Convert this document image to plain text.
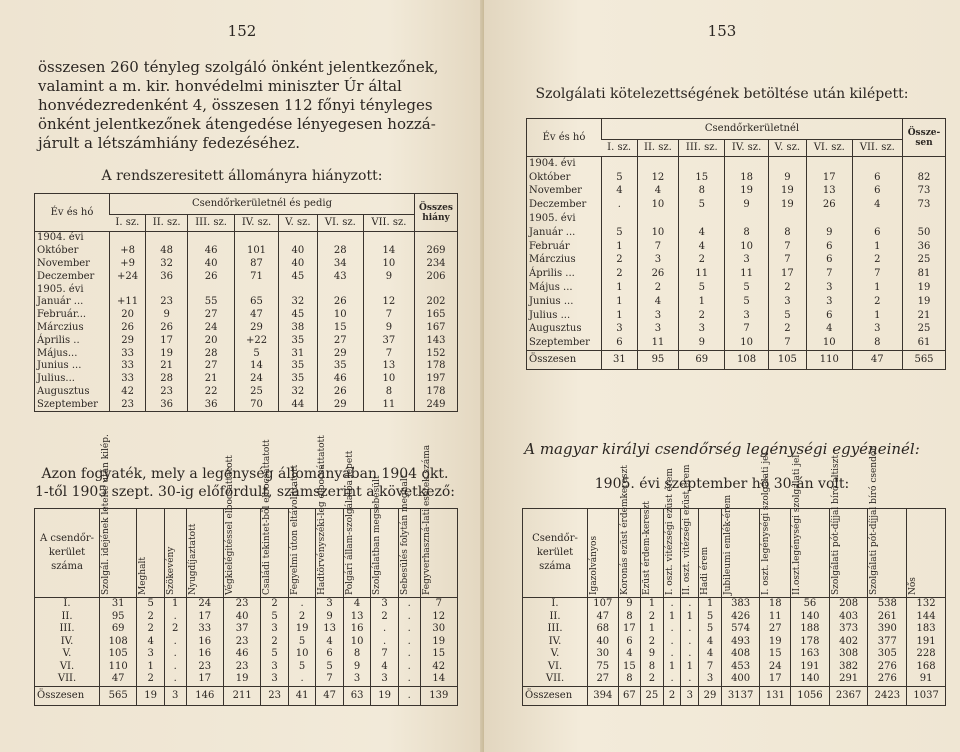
152
összesen 260 tényleg szolgáló önként jelentkezőnek,
valamint a m. kir. honvédelmi miniszter Úr által
honvédezredenként 4, összesen 112 főnyi tényleges
önként jelentkezőnek átengedése lényegesen hozzá-
járult a létszámhiány fedezéséhez.
A rendszeresitett állományra hiányzott:
Év és hó	Csendőrkerületnél és pedig							Összes hiány
	I. sz.	II. sz.	III. sz.	IV. sz.	V. sz.	VI. sz.	VII. sz.	
1904. évi								
Október	+8	48	46	101	40	28	14	269
November	+9	32	40	87	40	34	10	234
Deczember	+24	36	26	71	45	43	9	206
1905. évi								
Január ...	+11	23	55	65	32	26	12	202
Február...	20	9	27	47	45	10	7	165
Márczius	26	26	24	29	38	15	9	167
Április ..	29	17	20	+22	35	27	37	143
Május...	33	19	28	5	31	29	7	152
Junius ...	33	21	27	14	35	35	13	178
Julius...	33	28	21	24	35	46	10	197
Augusztus	42	23	22	25	32	26	8	178
Szeptember	23	36	36	70	44	29	11	249
Azon fogyaték, mely a legénység állományában 1904 okt.
1-től 1905 szept. 30-ig előfordult, számszerint a következő:
A csendőr-kerület száma	Szolgál. idejének letelte után kilép.	Meghalt	Szökevény	Nyugdíjaztatott	Végkielégitéssel elbocsáttatott	Családi tekintet-ből elbocsáttatott	Fegyelmi úton eltávolíttatott	Hadtörvényszéki-leg elbocsáttatott	Polgári állam-szolgálatba lépett	Szolgálatban megsebesült	Sebesülés folytán meghalt	Fegyverhaszná-lati esetek száma

I.	31	5	1	24	23	2	.	3	4	3	.	7
II.	95	2	.	17	40	5	2	9	13	2	.	12
III.	69	2	2	33	37	3	19	13	16	.	.	30
IV.	108	4	.	16	23	2	5	4	10	.	.	19
V.	105	3	.	16	46	5	10	6	8	7	.	15
VI.	110	1	.	23	23	3	5	5	9	4	.	42
VII.	47	2	.	17	19	3	.	7	3	3	.	14
Összesen	565	19	3	146	211	23	41	47	63	19	.	139
153
Szolgálati kötelezettségének betöltése után kilépett:
Év és hó	Csendőrkerületnél							Össze-sen
	I. sz.	II. sz.	III. sz.	IV. sz.	V. sz.	VI. sz.	VII. sz.	
1904. évi								
Október	5	12	15	18	9	17	6	82
November	4	4	8	19	19	13	6	73
Deczember	.	10	5	9	19	26	4	73
1905. évi								
Január ...	5	10	4	8	8	9	6	50
Február	1	7	4	10	7	6	1	36
Márczius	2	3	2	3	7	6	2	25
Április ...	2	26	11	11	17	7	7	81
Május ...	1	2	5	5	2	3	1	19
Junius ...	1	4	1	5	3	3	2	19
Julius ...	1	3	2	3	5	6	1	21
Augusztus	3	3	3	7	2	4	3	25
Szeptember	6	11	9	10	7	10	8	61
Összesen	31	95	69	108	105	110	47	565
A magyar királyi csendőrség legénységi egyéneinél:
1905. évi szeptember hó 30-án volt:
Csendőr-kerület száma	Igazolványos	Koronás ezüst érdemkereszt	Ezüst érdem-kereszt	I. oszt. vitézségi ezüst érem	II. oszt. vitézségi ezüst érem	Hadi érem	Jubileumi emlék-érem	I. oszt. legénységi szolgálati jel	II.oszt.legénységi szolgálati jel	Szolgálati pót-díjjal bíró altiszt	Szolgálati pót-díjjal bíró csendőr	Nős

I.	107	9	1	.	.	1	383	18	56	208	538	132
II.	47	8	2	1	1	5	426	11	140	403	261	144
III.	68	17	1	.	.	5	574	27	188	373	390	183
IV.	40	6	2	.	.	4	493	19	178	402	377	191
V.	30	4	9	.	.	4	408	15	163	308	305	228
VI.	75	15	8	1	1	7	453	24	191	382	276	168
VII.	27	8	2	.	.	3	400	17	140	291	276	91
Összesen	394	67	25	2	3	29	3137	131	1056	2367	2423	1037
